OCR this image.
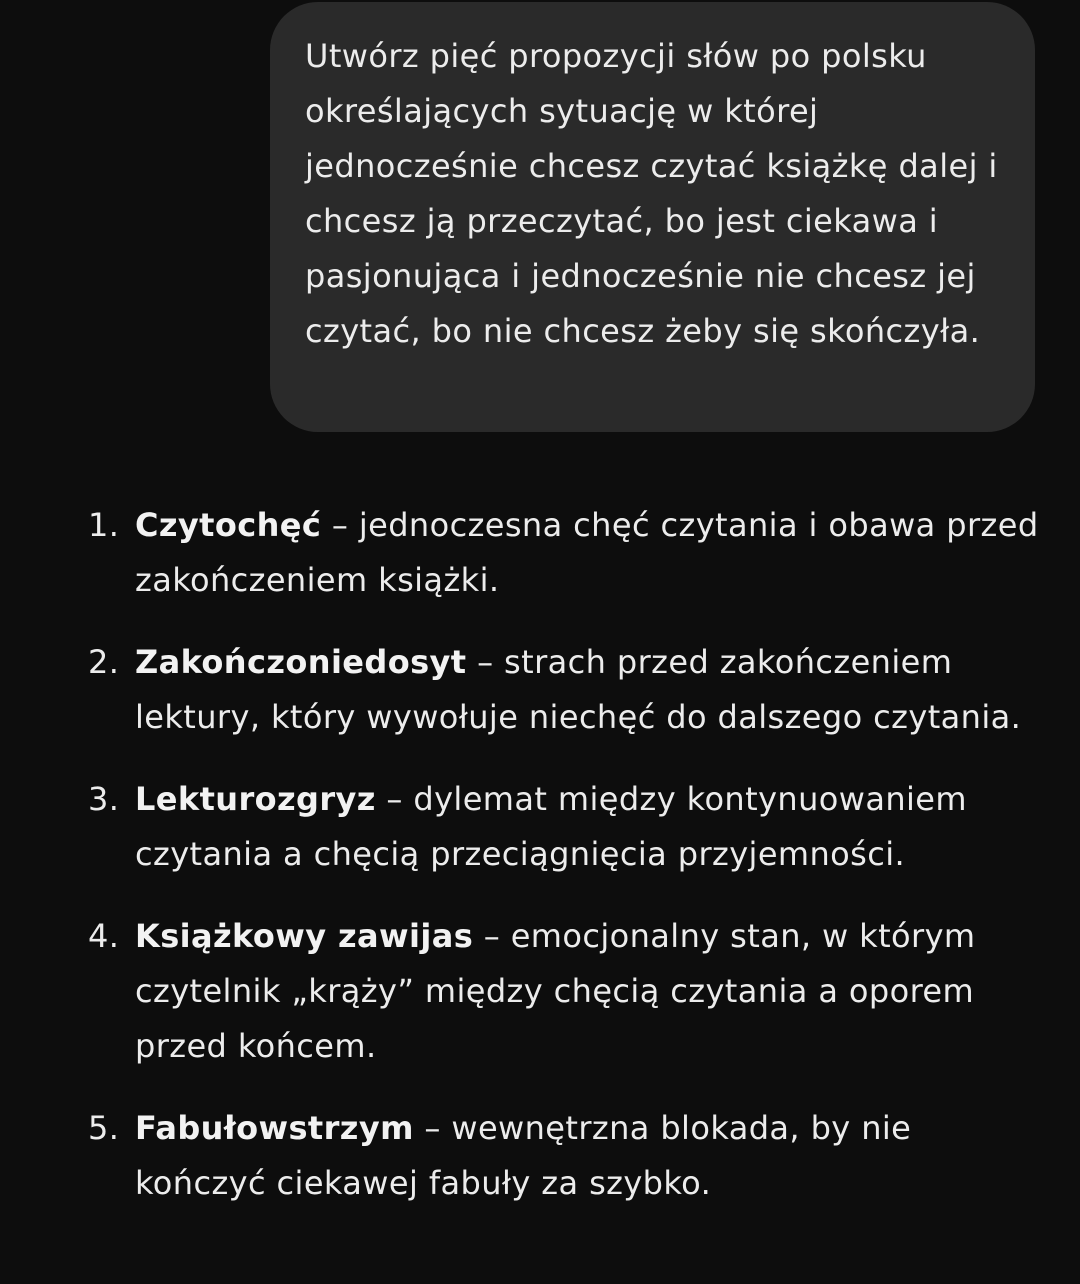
Utwórz pięć propozycji słów po polsku określających sytuację w której jednocześnie chcesz czytać książkę dalej i chcesz ją przeczytać, bo jest ciekawa i pasjonująca i jednocześnie nie chcesz jej czytać, bo nie chcesz żeby się skończyła.
1. Czytochęć – jednoczesna chęć czytania i obawa przed zakończeniem książki.
2. Zakończoniedosyt – strach przed zakończeniem lektury, który wywołuje niechęć do dalszego czytania.
3. Lekturozgryz – dylemat między kontynuowaniem czytania a chęcią przeciągnięcia przyjemności.
4. Książkowy zawijas – emocjonalny stan, w którym czytelnik „krąży” między chęcią czytania a oporem przed końcem.
5. Fabułowstrzym – wewnętrzna blokada, by nie kończyć ciekawej fabuły za szybko.
